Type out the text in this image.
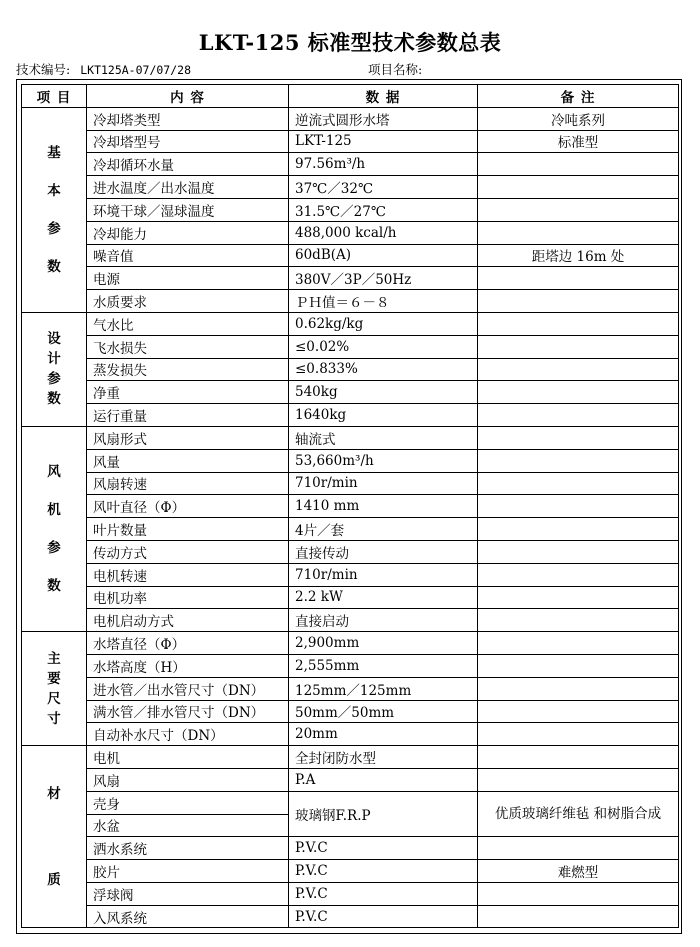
LKT-125 标准型技术参数总表
技术编号: LKT125A-07/07/28	项目名称:
项 目	内 容	数 据	备 注

基
本
参
数	冷却塔类型	逆流式圆形水塔	冷吨系列
	冷却塔型号	LKT-125	标准型
	冷却循环水量	97.56m³/h	
	进水温度／出水温度	37℃／32℃	
	环境干球／湿球温度	31.5℃／27℃	
	冷却能力	488,000 kcal/h	
	噪音值	60dB(A)	距塔边 16m 处
	电源	380V／3P／50Hz	
	水质要求	ＰＨ值＝６－８	

设
计
参
数	气水比	0.62kg/kg	
	飞水损失	≤0.02%	
	蒸发损失	≤0.833%	
	净重	540kg	
	运行重量	1640kg	

风
机
参
数	风扇形式	轴流式	
	风量	53,660m³/h	
	风扇转速	710r/min	
	风叶直径（Φ）	1410 mm	
	叶片数量	4片／套	
	传动方式	直接传动	
	电机转速	710r/min	
	电机功率	2.2 kW	
	电机启动方式	直接启动	

主
要
尺
寸	水塔直径（Φ）	2,900mm	
	水塔高度（H）	2,555mm	
	进水管／出水管尺寸（DN）	125mm／125mm	
	满水管／排水管尺寸（DN）	50mm／50mm	
	自动补水尺寸（DN）	20mm	

材
质	电机	全封闭防水型	
	风扇	P.A	
	壳身	玻璃钢F.R.P	优质玻璃纤维毡 和树脂合成
	水盆		
	洒水系统	P.V.C	
	胶片	P.V.C	难燃型
	浮球阀	P.V.C	
	入风系统	P.V.C	
